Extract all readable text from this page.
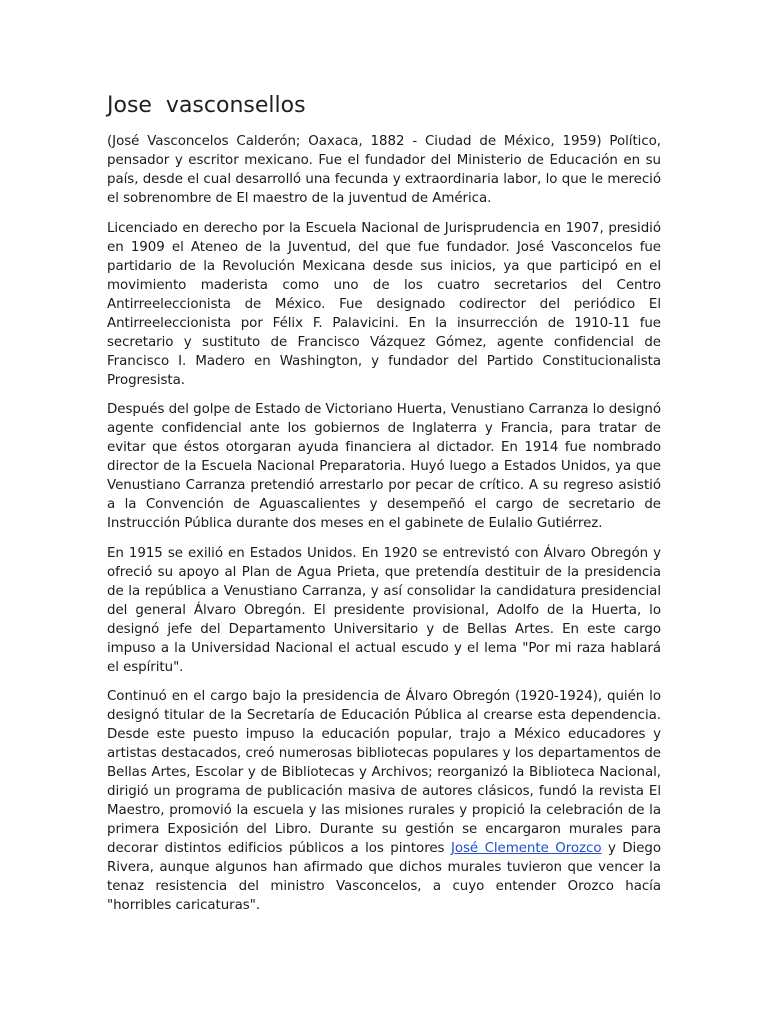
Jose  vasconsellos

(José Vasconcelos Calderón; Oaxaca, 1882 - Ciudad de México, 1959) Político, pensador y escritor mexicano. Fue el fundador del Ministerio de Educación en su país, desde el cual desarrolló una fecunda y extraordinaria labor, lo que le mereció el sobrenombre de El maestro de la juventud de América.

Licenciado en derecho por la Escuela Nacional de Jurisprudencia en 1907, presidió en 1909 el Ateneo de la Juventud, del que fue fundador. José Vasconcelos fue partidario de la Revolución Mexicana desde sus inicios, ya que participó en el movimiento maderista como uno de los cuatro secretarios del Centro Antirreeleccionista de México. Fue designado codirector del periódico El Antirreeleccionista por Félix F. Palavicini. En la insurrección de 1910-11 fue secretario y sustituto de Francisco Vázquez Gómez, agente confidencial de Francisco I. Madero en Washington, y fundador del Partido Constitucionalista Progresista.

Después del golpe de Estado de Victoriano Huerta, Venustiano Carranza lo designó agente confidencial ante los gobiernos de Inglaterra y Francia, para tratar de evitar que éstos otorgaran ayuda financiera al dictador. En 1914 fue nombrado director de la Escuela Nacional Preparatoria. Huyó luego a Estados Unidos, ya que Venustiano Carranza pretendió arrestarlo por pecar de crítico. A su regreso asistió a la Convención de Aguascalientes y desempeñó el cargo de secretario de Instrucción Pública durante dos meses en el gabinete de Eulalio Gutiérrez.

En 1915 se exilió en Estados Unidos. En 1920 se entrevistó con Álvaro Obregón y ofreció su apoyo al Plan de Agua Prieta, que pretendía destituir de la presidencia de la república a Venustiano Carranza, y así consolidar la candidatura presidencial del general Álvaro Obregón. El presidente provisional, Adolfo de la Huerta, lo designó jefe del Departamento Universitario y de Bellas Artes. En este cargo impuso a la Universidad Nacional el actual escudo y el lema "Por mi raza hablará el espíritu".

Continuó en el cargo bajo la presidencia de Álvaro Obregón (1920-1924), quién lo designó titular de la Secretaría de Educación Pública al crearse esta dependencia. Desde este puesto impuso la educación popular, trajo a México educadores y artistas destacados, creó numerosas bibliotecas populares y los departamentos de Bellas Artes, Escolar y de Bibliotecas y Archivos; reorganizó la Biblioteca Nacional, dirigió un programa de publicación masiva de autores clásicos, fundó la revista El Maestro, promovió la escuela y las misiones rurales y propició la celebración de la primera Exposición del Libro. Durante su gestión se encargaron murales para decorar distintos edificios públicos a los pintores José Clemente Orozco y Diego Rivera, aunque algunos han afirmado que dichos murales tuvieron que vencer la tenaz resistencia del ministro Vasconcelos, a cuyo entender Orozco hacía "horribles caricaturas".
